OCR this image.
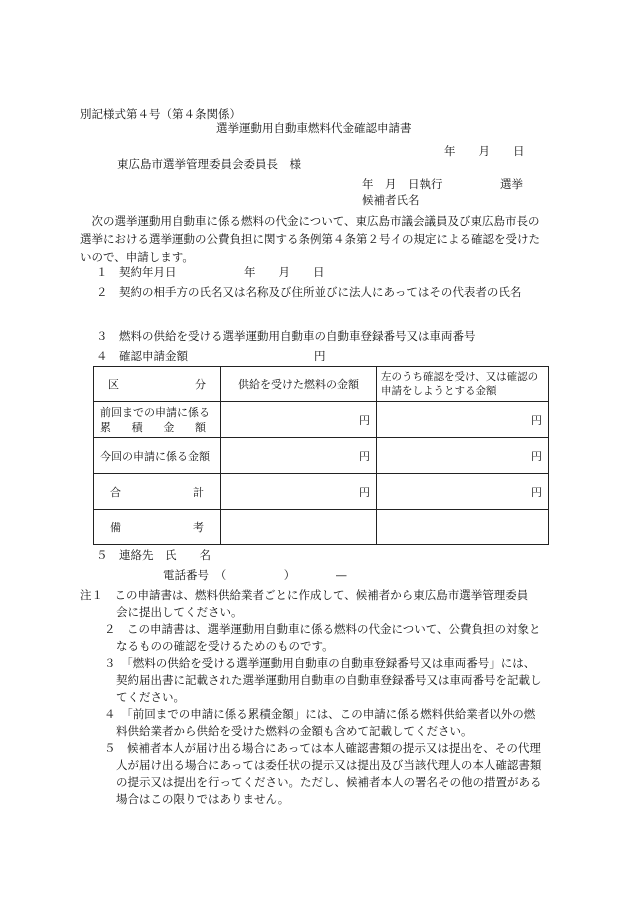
別記様式第４号（第４条関係）
選挙運動用自動車燃料代金確認申請書
年　　月　　日
東広島市選挙管理委員会委員長　様
年　月　日執行　　　　　選挙
候補者氏名
次の選挙運動用自動車に係る燃料の代金について、東広島市議会議員及び東広島市長の選挙における選挙運動の公費負担に関する条例第４条第２号イの規定による確認を受けたいので、申請します。
１　契約年月日	年　　月　　日
２　契約の相手方の氏名又は名称及び住所並びに法人にあってはその代表者の氏名
３　燃料の供給を受ける選挙運動用自動車の自動車登録番号又は車両番号
４　確認申請金額	円
区 分	供給を受けた燃料の金額	左のうち確認を受け、又は確認の申請をしようとする金額

前回までの申請に係る
累 積 金 額	円	円
今回の申請に係る金額	円	円

合 計	円	円

備 考		

５　連絡先　氏　　名
電話番号　（　　　　　）　　　　—
注１　この申請書は、燃料供給業者ごとに作成して、候補者から東広島市選挙管理委員
会に提出してください。
２　この申請書は、選挙運動用自動車に係る燃料の代金について、公費負担の対象と
なるものの確認を受けるためのものです。
３　「燃料の供給を受ける選挙運動用自動車の自動車登録番号又は車両番号」には、
契約届出書に記載された選挙運動用自動車の自動車登録番号又は車両番号を記載し
てください。
４　「前回までの申請に係る累積金額」には、この申請に係る燃料供給業者以外の燃
料供給業者から供給を受けた燃料の金額も含めて記載してください。
５　候補者本人が届け出る場合にあっては本人確認書類の提示又は提出を、その代理
人が届け出る場合にあっては委任状の提示又は提出及び当該代理人の本人確認書類
の提示又は提出を行ってください。ただし、候補者本人の署名その他の措置がある
場合はこの限りではありません。
